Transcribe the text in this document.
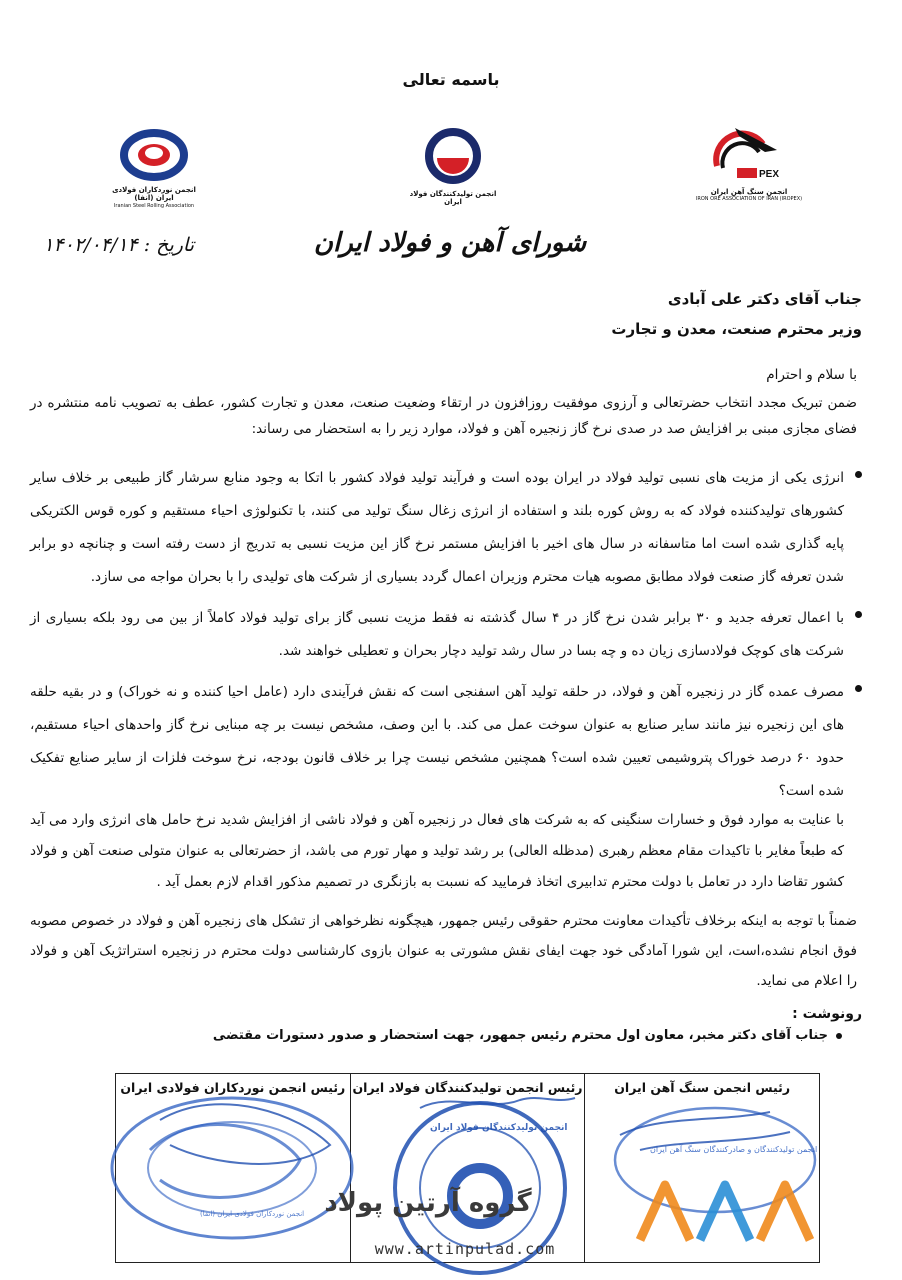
باسمه تعالی
PEX
انجمن سنگ آهن ایران
IRON ORE ASSOCIATION OF IRAN (IROPEX)
انجمن تولیدکنندگان فولاد ایران
انجمن نوردکاران فولادی ایران (انفا)
Iranian Steel Rolling Association
شورای آهن و فولاد ایران
تاریخ : ۱۴۰۲/۰۴/۱۴
جناب آقای دکتر علی آبادی
وزیر محترم صنعت، معدن و تجارت
با سلام و احترام
ضمن تبریک مجدد انتخاب حضرتعالی و آرزوی موفقیت روزافزون در ارتقاء وضعیت صنعت، معدن و تجارت کشور، عطف به تصویب نامه منتشره در فضای مجازی مبنی بر افزایش صد در صدی نرخ گاز زنجیره آهن و فولاد، موارد زیر را به استحضار می رساند:
انرژی یکی از مزیت های نسبی تولید فولاد در ایران بوده است و فرآیند تولید فولاد کشور با اتکا به وجود منابع سرشار گاز طبیعی بر خلاف سایر کشورهای تولیدکننده فولاد که به روش کوره بلند و استفاده از انرژی زغال سنگ تولید می کنند، با تکنولوژی احیاء مستقیم و کوره قوس الکتریکی پایه گذاری شده است اما متاسفانه در سال های اخیر با افزایش مستمر نرخ گاز این مزیت نسبی به تدریج از دست رفته است و چنانچه دو برابر شدن تعرفه گاز صنعت فولاد مطابق مصوبه هیات محترم وزیران اعمال گردد بسیاری از شرکت های تولیدی را با بحران مواجه می سازد.
با اعمال تعرفه جدید و ۳۰ برابر شدن نرخ گاز در ۴ سال گذشته نه فقط مزیت نسبی گاز برای تولید فولاد کاملاً از بین می رود بلکه بسیاری از شرکت های کوچک فولادسازی زیان ده و چه بسا در سال رشد تولید دچار بحران و تعطیلی خواهند شد.
مصرف عمده گاز در زنجیره آهن و فولاد، در حلقه تولید آهن اسفنجی است که نقش فرآیندی دارد (عامل احیا کننده و نه خوراک) و در بقیه حلقه های این زنجیره نیز مانند سایر صنایع به عنوان سوخت عمل می کند. با این وصف، مشخص نیست بر چه مبنایی نرخ گاز واحدهای احیاء مستقیم، حدود ۶۰ درصد خوراک پتروشیمی تعیین شده است؟ همچنین مشخص نیست چرا بر خلاف قانون بودجه، نرخ سوخت فلزات از سایر صنایع تفکیک شده است؟
با عنایت به موارد فوق و خسارات سنگینی که به شرکت های فعال در زنجیره آهن و فولاد ناشی از افزایش شدید نرخ حامل های انرژی وارد می آید که طبعاً مغایر با تاکیدات مقام معظم رهبری (مدظله العالی) بر رشد تولید و مهار تورم می باشد، از حضرتعالی به عنوان متولی صنعت آهن و فولاد کشور تقاضا دارد در تعامل با دولت محترم تدابیری اتخاذ فرمایید که نسبت به بازنگری در تصمیم مذکور اقدام لازم بعمل آید .
ضمناً با توجه به اینکه برخلاف تأکیدات معاونت محترم حقوقی رئیس جمهور، هیچگونه نظرخواهی از تشکل های زنجیره آهن و فولاد در خصوص مصوبه فوق انجام نشده،است، این شورا آمادگی خود جهت ایفای نقش مشورتی به عنوان بازوی کارشناسی دولت محترم در زنجیره استراتژیک آهن و فولاد را اعلام می نماید.
رونوشت :
جناب آقای دکتر مخبر، معاون اول محترم رئیس جمهور، جهت استحضار و صدور دستورات مقتضی
رئیس انجمن سنگ آهن ایران
رئیس انجمن تولیدکنندگان فولاد ایران
رئیس انجمن نوردکاران فولادی ایران
انجمن نوردکاران فولادی ایران (انفا)
انجمن تولیدکنندگان فولاد ایران
انجمن تولیدکنندگان و صادرکنندگان سنگ آهن ایران
گروه آرتین پولاد
www.artinpulad.com
